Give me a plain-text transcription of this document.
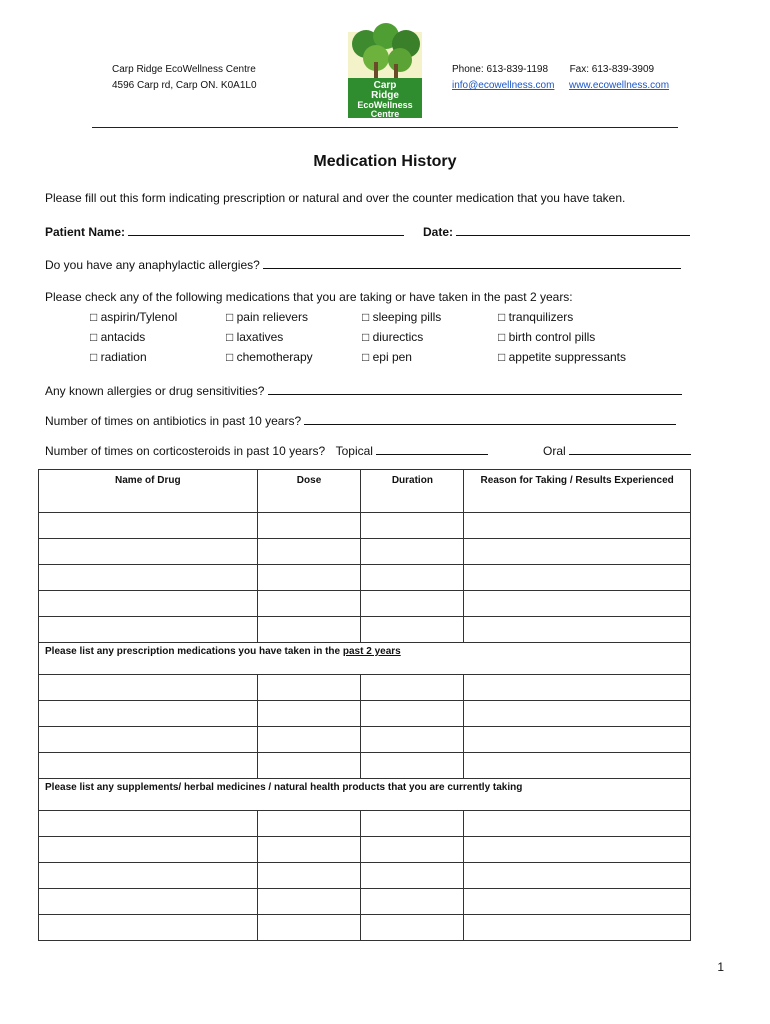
Carp Ridge EcoWellness Centre
4596 Carp rd, Carp ON. K0A1L0	Carp
Ridge
EcoWellness
Centre
Phone: 613-839-1198 Fax: 613-839-3909
info@ecowellness.com www.ecowellness.com
Medication History
Please fill out this form indicating prescription or natural and over the counter medication that you have taken.
Patient Name:	Date:
Do you have any anaphylactic allergies?
Please check any of the following medications that you are taking or have taken in the past 2 years:
□ aspirin/Tylenol	□ pain relievers	□ sleeping pills	□ tranquilizers
□ antacids	□ laxatives	□ diurectics	□ birth control pills
□ radiation	□ chemotherapy	□ epi pen	□ appetite suppressants
Any known allergies or drug sensitivities?
Number of times on antibiotics in past 10 years?
Number of times on corticosteroids in past 10 years? Topical	Oral
Name of Drug	Dose	Duration	Reason for Taking / Results Experienced

Please list any prescription medications you have taken in the past 2 years			

Please list any supplements/ herbal medicines / natural health products that you are currently taking			

1
